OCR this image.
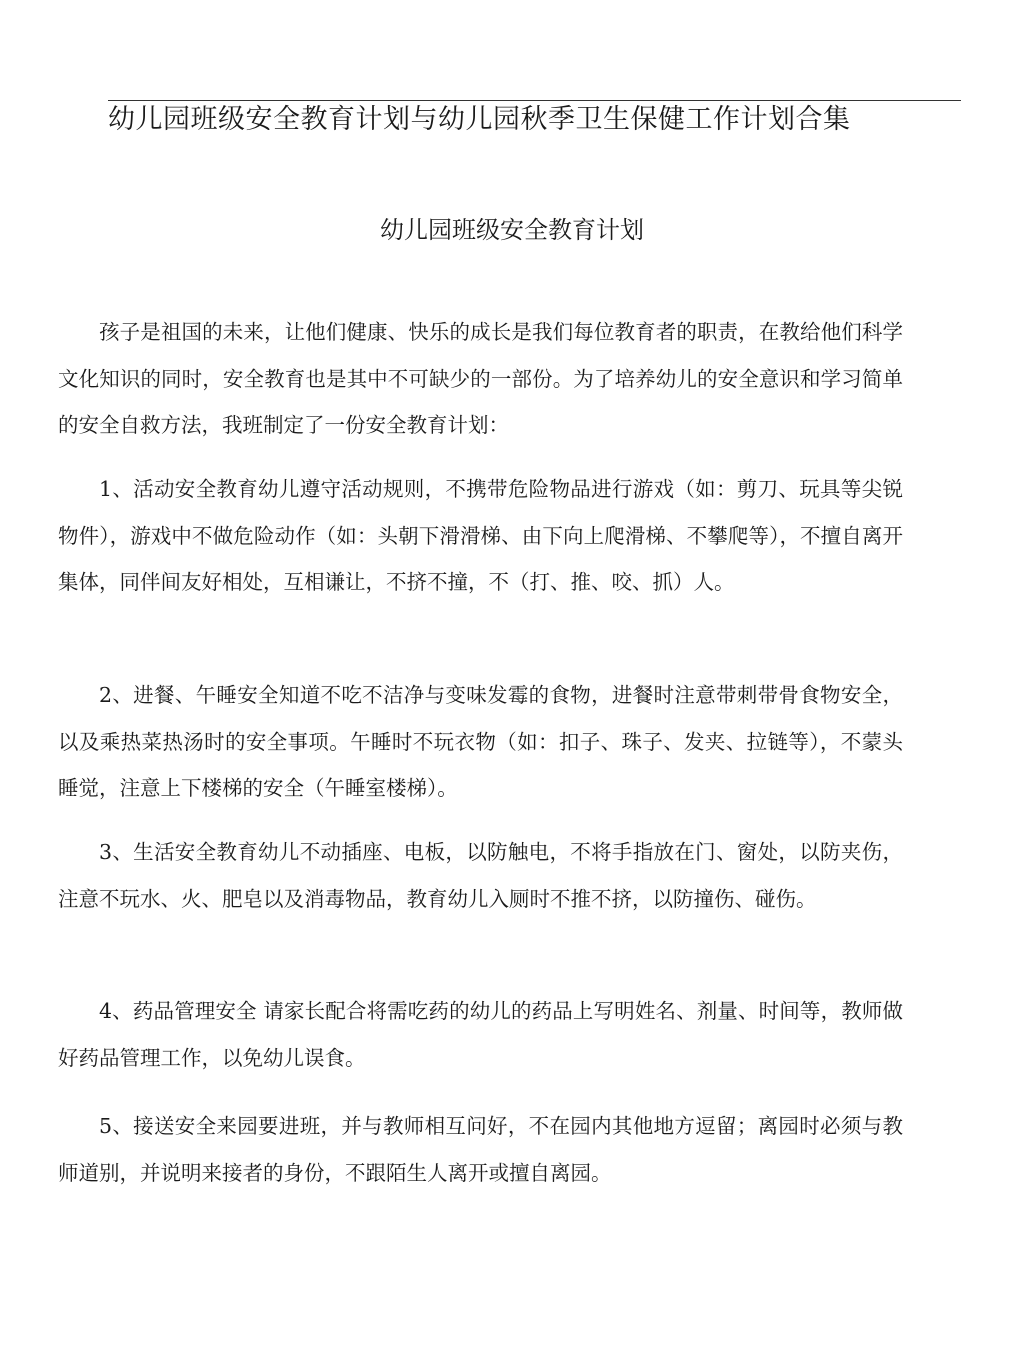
幼儿园班级安全教育计划与幼儿园秋季卫生保健工作计划合集
幼儿园班级安全教育计划

孩子是祖国的未来，让他们健康、快乐的成长是我们每位教育者的职责，在教给他们科学文化知识的同时，安全教育也是其中不可缺少的一部份。为了培养幼儿的安全意识和学习简单的安全自救方法，我班制定了一份安全教育计划：

1、活动安全教育幼儿遵守活动规则，不携带危险物品进行游戏（如：剪刀、玩具等尖锐物件），游戏中不做危险动作（如：头朝下滑滑梯、由下向上爬滑梯、不攀爬等），不擅自离开集体，同伴间友好相处，互相谦让，不挤不撞，不（打、推、咬、抓）人。

2、进餐、午睡安全知道不吃不洁净与变味发霉的食物，进餐时注意带刺带骨食物安全，以及乘热菜热汤时的安全事项。午睡时不玩衣物（如：扣子、珠子、发夹、拉链等），不蒙头睡觉，注意上下楼梯的安全（午睡室楼梯）。

3、生活安全教育幼儿不动插座、电板，以防触电，不将手指放在门、窗处，以防夹伤，注意不玩水、火、肥皂以及消毒物品，教育幼儿入厕时不推不挤，以防撞伤、碰伤。

4、药品管理安全 请家长配合将需吃药的幼儿的药品上写明姓名、剂量、时间等，教师做好药品管理工作，以免幼儿误食。

5、接送安全来园要进班，并与教师相互问好，不在园内其他地方逗留；离园时必须与教师道别，并说明来接者的身份，不跟陌生人离开或擅自离园。
